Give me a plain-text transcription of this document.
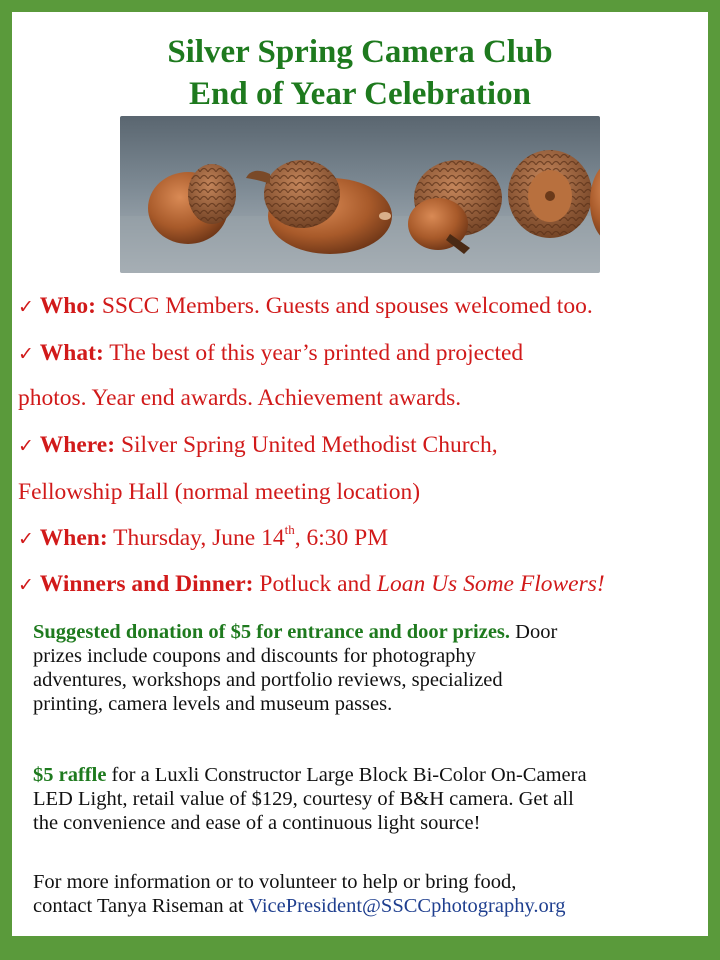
Silver Spring Camera Club
End of Year Celebration
✓ Who: SSCC Members. Guests and spouses welcomed too.
✓ What: The best of this year’s printed and projected
photos. Year end awards. Achievement awards.
✓ Where: Silver Spring United Methodist Church,
Fellowship Hall (normal meeting location)
✓ When: Thursday, June 14th, 6:30 PM
✓ Winners and Dinner: Potluck and Loan Us Some Flowers!
Suggested donation of $5 for entrance and door prizes. Door
prizes include coupons and discounts for photography
adventures, workshops and portfolio reviews, specialized
printing, camera levels and museum passes.
$5 raffle for a Luxli Constructor Large Block Bi-Color On-Camera
LED Light, retail value of $129, courtesy of B&H camera. Get all
the convenience and ease of a continuous light source!
For more information or to volunteer to help or bring food,
contact Tanya Riseman at VicePresident@SSCCphotography.org
